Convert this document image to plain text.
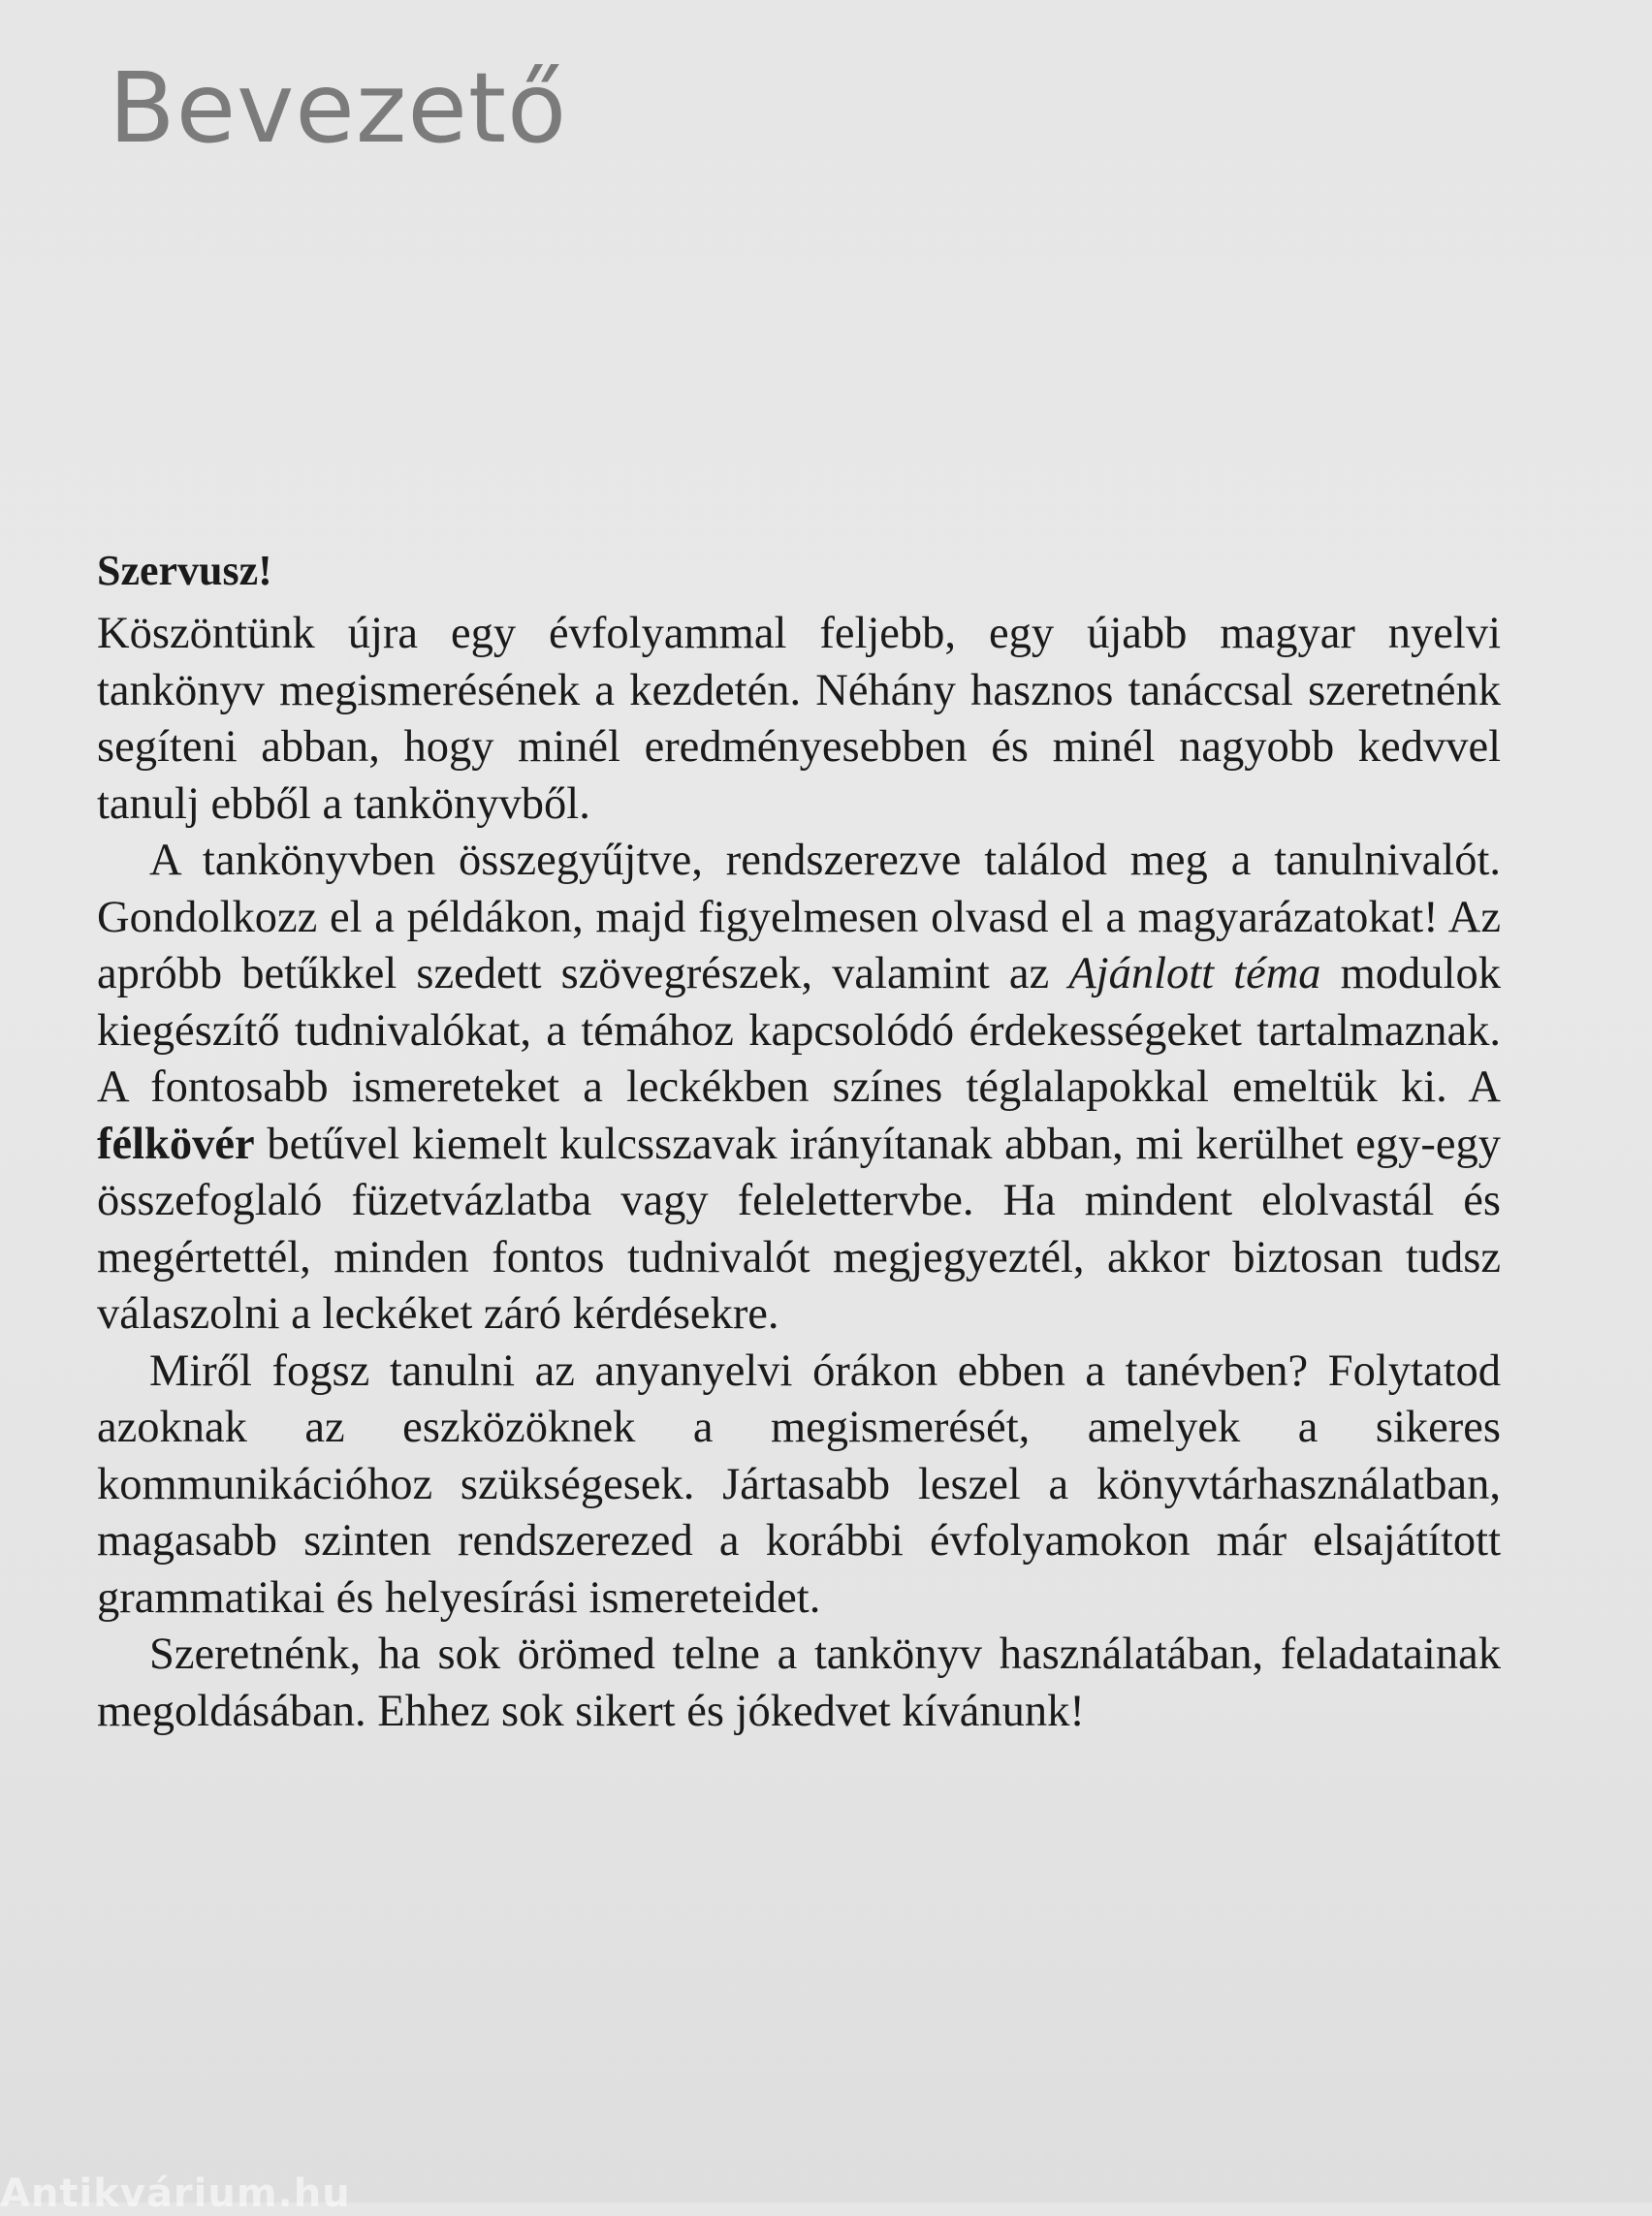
Bevezető

Szervusz!

Köszöntünk újra egy évfolyammal feljebb, egy újabb magyar nyelvi tankönyv megismerésének a kezdetén. Néhány hasznos tanáccsal szeretnénk segíteni abban, hogy minél eredményesebben és minél nagyobb kedvvel tanulj ebből a tankönyvből.

A tankönyvben összegyűjtve, rendszerezve találod meg a tanulnivalót. Gondolkozz el a példákon, majd figyelmesen olvasd el a magyarázatokat! Az apróbb betűkkel szedett szövegrészek, valamint az Ajánlott téma modulok kiegészítő tudnivalókat, a témához kapcsolódó érdekességeket tartalmaznak. A fontosabb ismereteket a leckékben színes téglalapokkal emeltük ki. A félkövér betűvel kiemelt kulcsszavak irányítanak abban, mi kerülhet egy-egy összefoglaló füzetvázlatba vagy felelettervbe. Ha mindent elolvastál és megértettél, minden fontos tudnivalót megjegyeztél, akkor biztosan tudsz válaszolni a leckéket záró kérdésekre.

Miről fogsz tanulni az anyanyelvi órákon ebben a tanévben? Folytatod azoknak az eszközöknek a megismerését, amelyek a sikeres kommunikációhoz szükségesek. Jártasabb leszel a könyvtárhasználatban, magasabb szinten rendszerezed a korábbi évfolyamokon már elsajátított grammatikai és helyesírási ismereteidet.

Szeretnénk, ha sok örömed telne a tankönyv használatában, feladatainak megoldásában. Ehhez sok sikert és jókedvet kívánunk!

Antikvárium.hu
